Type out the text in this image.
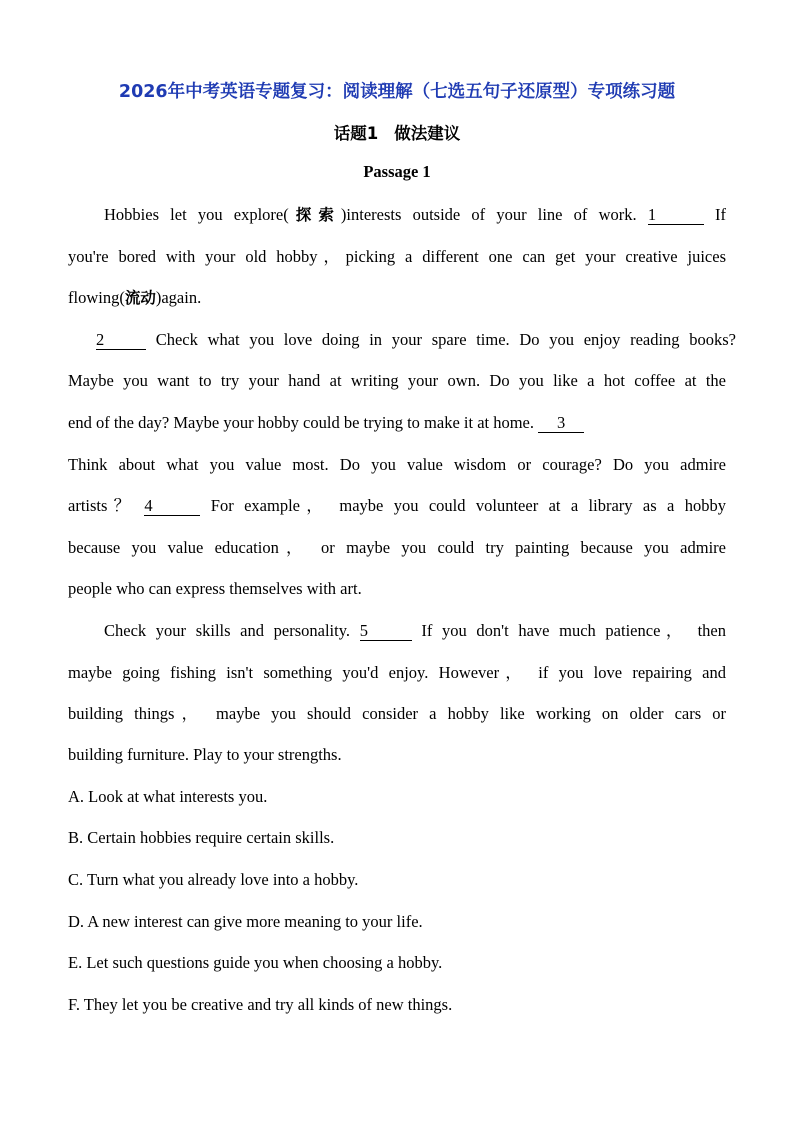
2026年中考英语专题复习：阅读理解（七选五句子还原型）专项练习题
话题1 做法建议
Passage 1
Hobbies let you explore(探索)interests outside of your line of work. 1	If
you're bored with your old hobby，picking a different one can get your creative juices
flowing(流动)again.
2	Check what you love doing in your spare time. Do you enjoy reading books?
Maybe you want to try your hand at writing your own. Do you like a hot coffee at the
end of the day? Maybe your hobby could be trying to make it at home. 3
Think about what you value most. Do you value wisdom or courage? Do you admire
artists？ 4	For example， maybe you could volunteer at a library as a hobby
because you value education， or maybe you could try painting because you admire
people who can express themselves with art.
Check your skills and personality. 5	If you don't have much patience， then
maybe going fishing isn't something you'd enjoy. However， if you love repairing and
building things， maybe you should consider a hobby like working on older cars or
building furniture. Play to your strengths.
A. Look at what interests you.
B. Certain hobbies require certain skills.
C. Turn what you already love into a hobby.
D. A new interest can give more meaning to your life.
E. Let such questions guide you when choosing a hobby.
F. They let you be creative and try all kinds of new things.
